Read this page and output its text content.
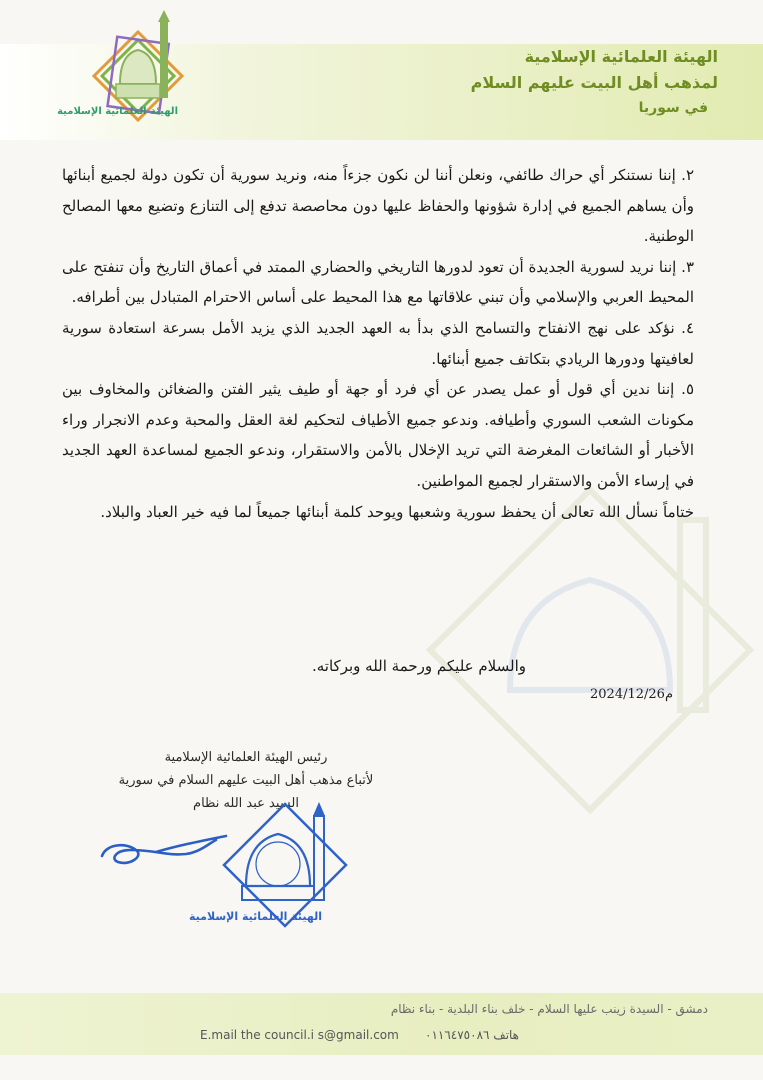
الهيئة العلمائية الإسلامية
الهيئة العلمائية الإسلامية
لمذهب أهل البيت عليهم السلام
في سوريا

٢. إننا نستنكر أي حراك طائفي، ونعلن أننا لن نكون جزءاً منه، ونريد سورية أن تكون دولة لجميع أبنائها وأن يساهم الجميع في إدارة شؤونها والحفاظ عليها دون محاصصة تدفع إلى التنازع وتضيع معها المصالح الوطنية.

٣. إننا نريد لسورية الجديدة أن تعود لدورها التاريخي والحضاري الممتد في أعماق التاريخ وأن تنفتح على المحيط العربي والإسلامي وأن تبني علاقاتها مع هذا المحيط على أساس الاحترام المتبادل بين أطرافه.

٤. نؤكد على نهج الانفتاح والتسامح الذي بدأ به العهد الجديد الذي يزيد الأمل بسرعة استعادة سورية لعافيتها ودورها الريادي بتكاتف جميع أبنائها.

٥. إننا ندين أي قول أو عمل يصدر عن أي فرد أو جهة أو طيف يثير الفتن والضغائن والمخاوف بين مكونات الشعب السوري وأطيافه. وندعو جميع الأطياف لتحكيم لغة العقل والمحبة وعدم الانجرار وراء الأخبار أو الشائعات المغرضة التي تريد الإخلال بالأمن والاستقرار، وندعو الجميع لمساعدة العهد الجديد في إرساء الأمن والاستقرار لجميع المواطنين.

ختاماً نسأل الله تعالى أن يحفظ سورية وشعبها ويوحد كلمة أبنائها جميعاً لما فيه خير العباد والبلاد.

والسلام عليكم ورحمة الله وبركاته.
2024/12/26م
رئيس الهيئة العلمائية الإسلامية
لأتباع مذهب أهل البيت عليهم السلام في سورية
السيد عبد الله نظام
الهيئة العلمائية الإسلامية
دمشق - السيدة زينب عليها السلام - خلف بناء البلدية - بناء نظام
E.mail the council.i s@gmail.com هاتف ٠١١٦٤٧٥٠٨٦
